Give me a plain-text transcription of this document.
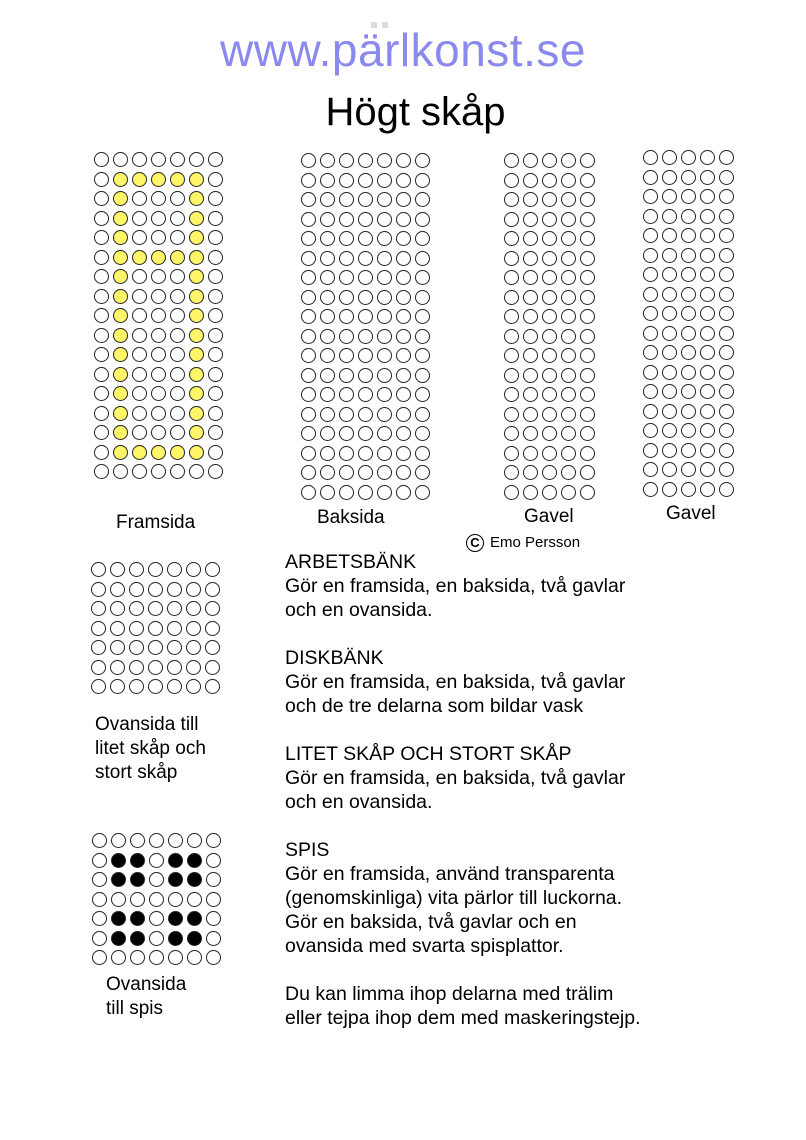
www.pärlkonst.se
Högt skåp
Framsida	Baksida	Gavel	Gavel
C Emo Persson
Ovansida till
litet skåp och
stort skåp
Ovansida
till spis
ARBETSBÄNK
Gör en framsida, en baksida, två gavlar
och en ovansida.
DISKBÄNK
Gör en framsida, en baksida, två gavlar
och de tre delarna som bildar vask
LITET SKÅP OCH STORT SKÅP
Gör en framsida, en baksida, två gavlar
och en ovansida.
SPIS
Gör en framsida, använd transparenta
(genomskinliga) vita pärlor till luckorna.
Gör en baksida, två gavlar och en
ovansida med svarta spisplattor.
Du kan limma ihop delarna med trälim
eller tejpa ihop dem med maskeringstejp.
